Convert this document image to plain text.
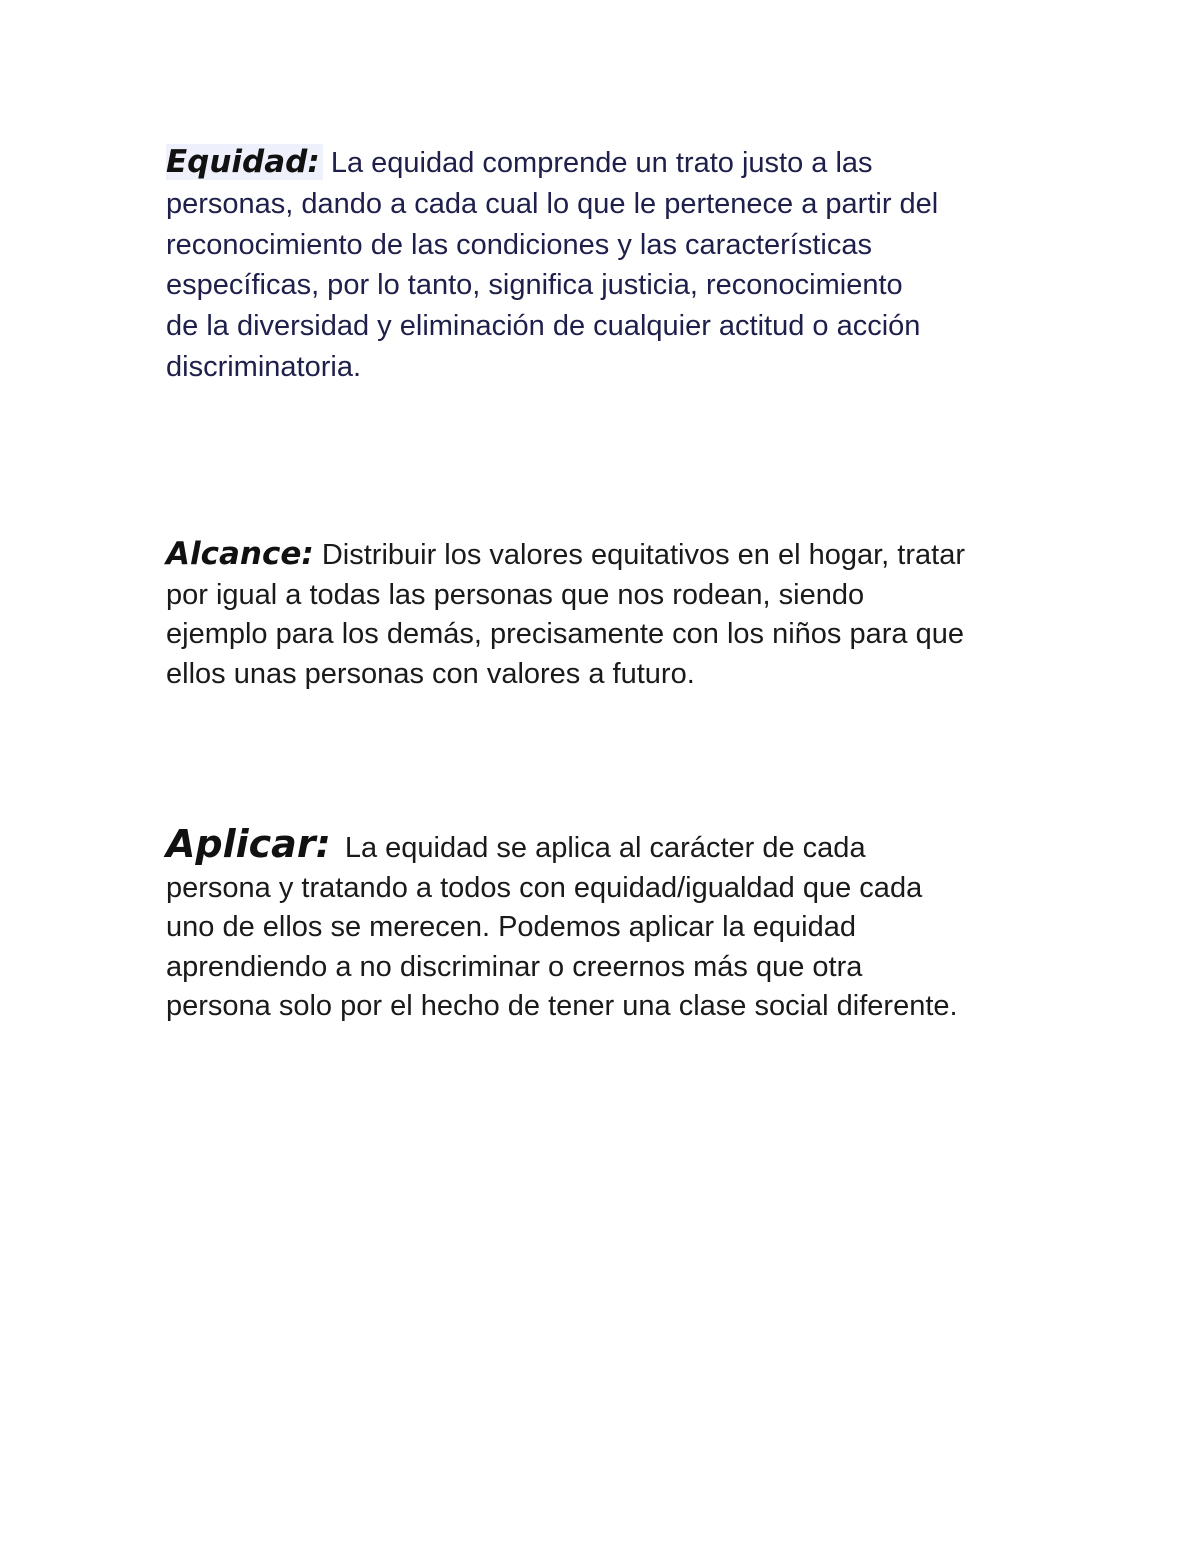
Equidad: La equidad comprende un trato justo a las

personas, dando a cada cual lo que le pertenece a partir del

reconocimiento de las condiciones y las características

específicas, por lo tanto, significa justicia, reconocimiento

de la diversidad y eliminación de cualquier actitud o acción

discriminatoria.

Alcance: Distribuir los valores equitativos en el hogar, tratar

por igual a todas las personas que nos rodean, siendo

ejemplo para los demás, precisamente con los niños para que

ellos unas personas con valores a futuro.

Aplicar: La equidad se aplica al carácter de cada

persona y tratando a todos con equidad/igualdad que cada

uno de ellos se merecen. Podemos aplicar la equidad

aprendiendo a no discriminar o creernos más que otra

persona solo por el hecho de tener una clase social diferente.
